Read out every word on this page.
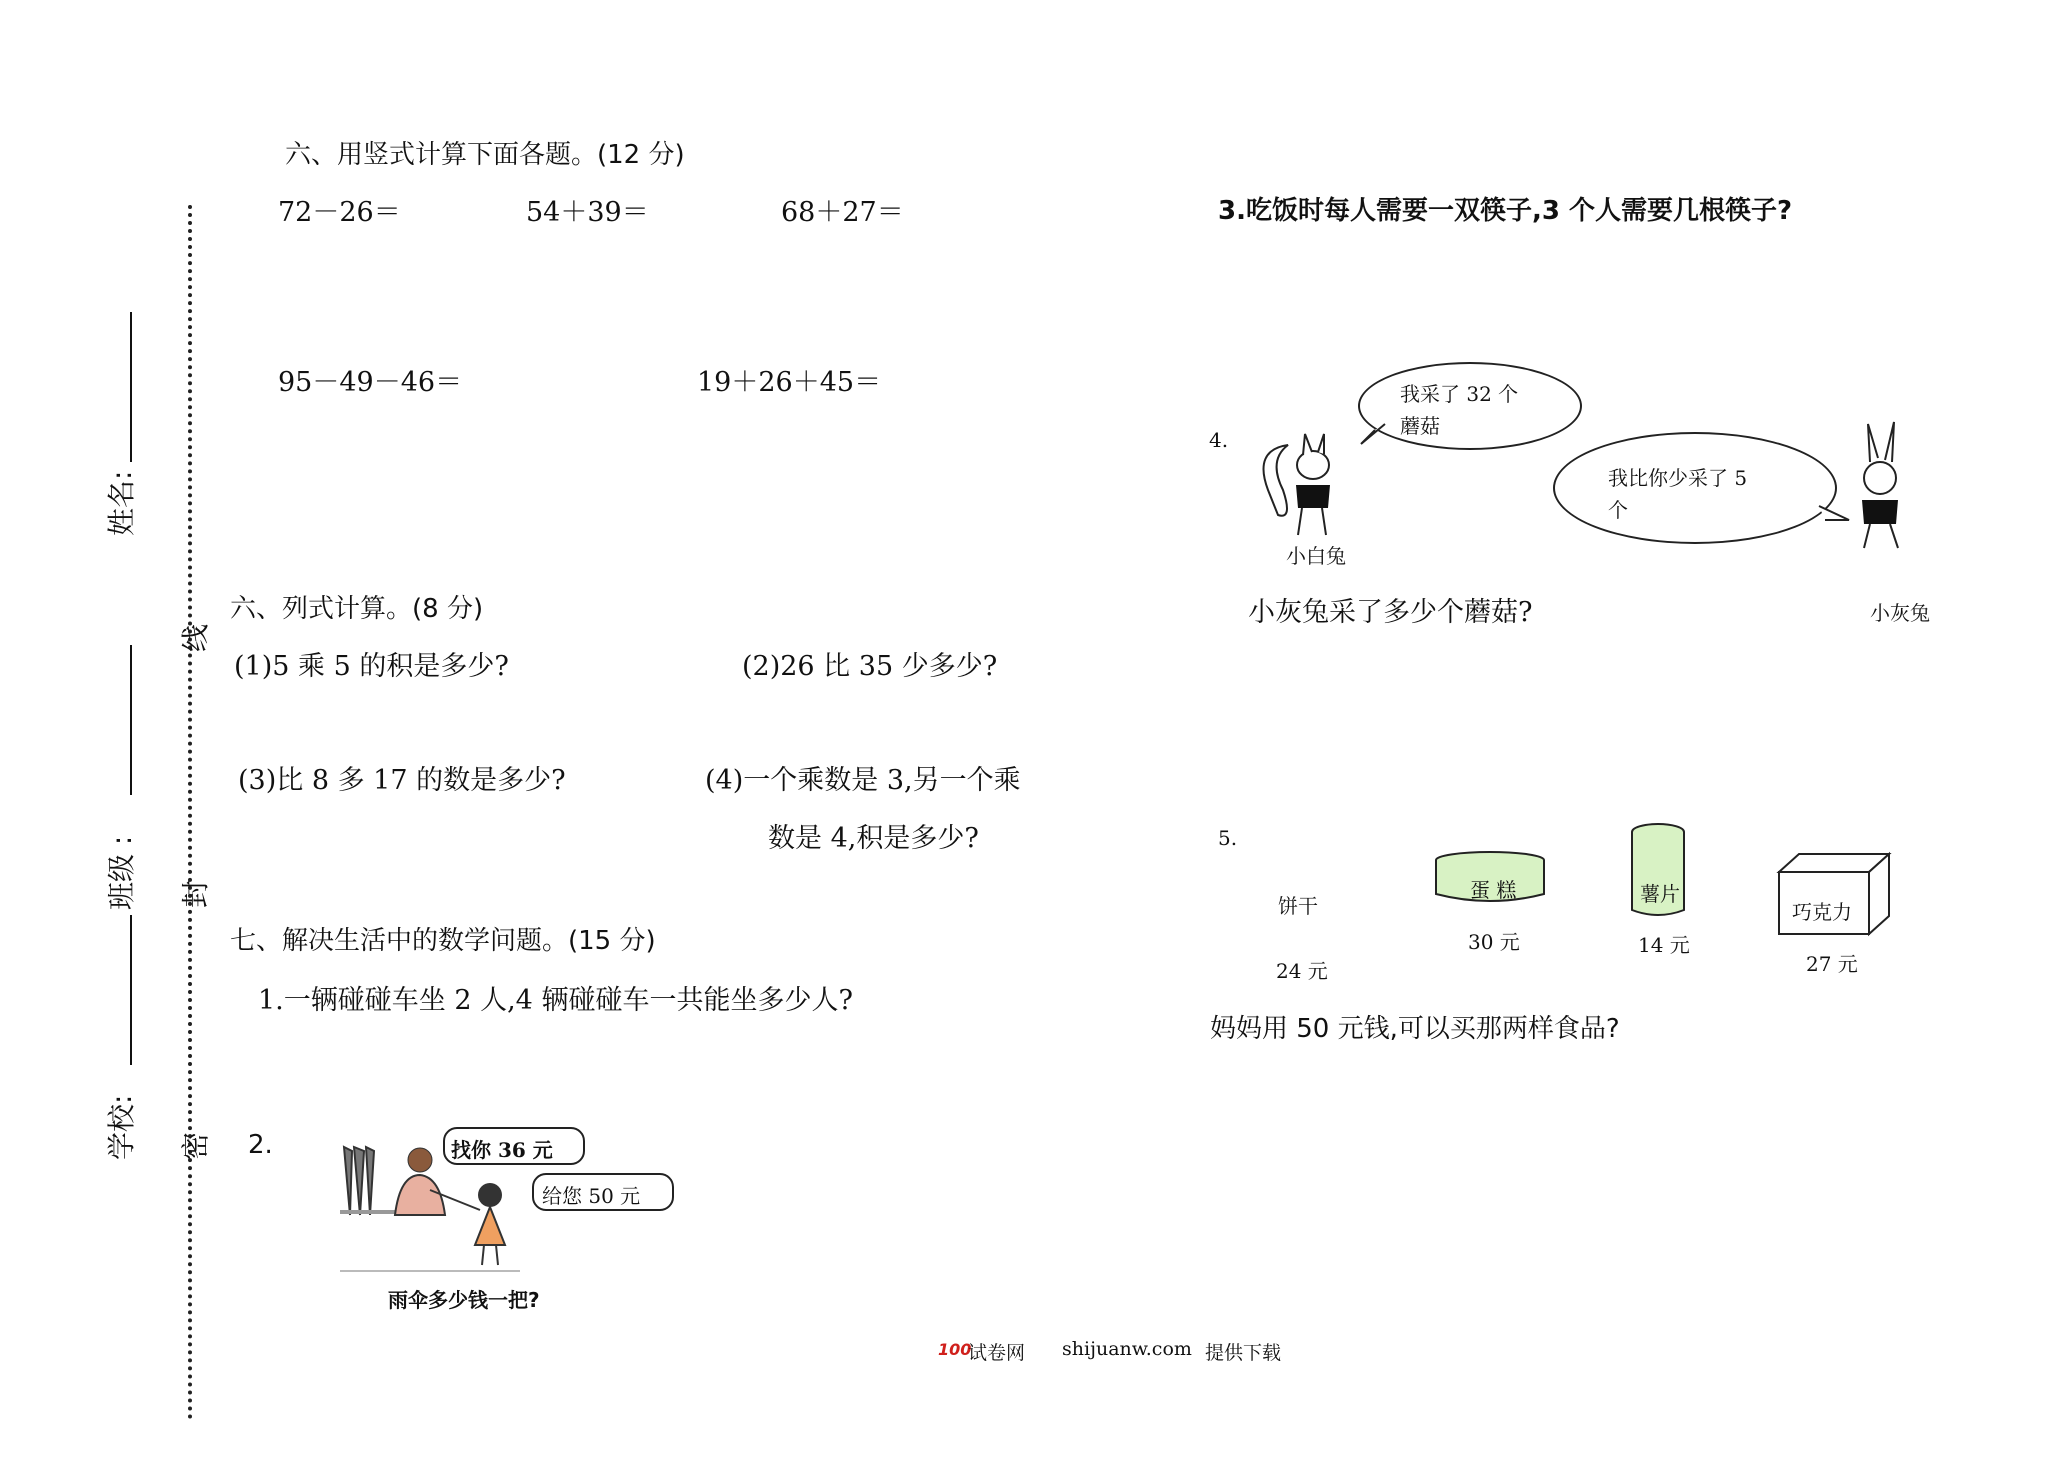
姓名:
班级 :
学校:
线
封
密
六、用竖式计算下面各题。(12 分)
72－26＝	54＋39＝	68＋27＝
95－49－46＝	19＋26＋45＝
六、列式计算。(8 分)
(1)5 乘 5 的积是多少?	(2)26 比 35 少多少?
(3)比 8 多 17 的数是多少?	(4)一个乘数是 3,另一个乘
数是 4,积是多少?
七、解决生活中的数学问题。(15 分)
1.一辆碰碰车坐 2 人,4 辆碰碰车一共能坐多少人?
2.	找你 36 元
给您 50 元
雨伞多少钱一把?
3.吃饭时每人需要一双筷子,3 个人需要几根筷子?
4.
我采了 32 个
蘑菇
小白兔
我比你少采了 5
个
小灰兔采了多少个蘑菇?	小灰兔
5.
饼干
24 元
蛋 糕
30 元
薯片
14 元
巧克力
27 元
妈妈用 50 元钱,可以买那两样食品?
100
试卷网 shijuanw.com 提供下载
